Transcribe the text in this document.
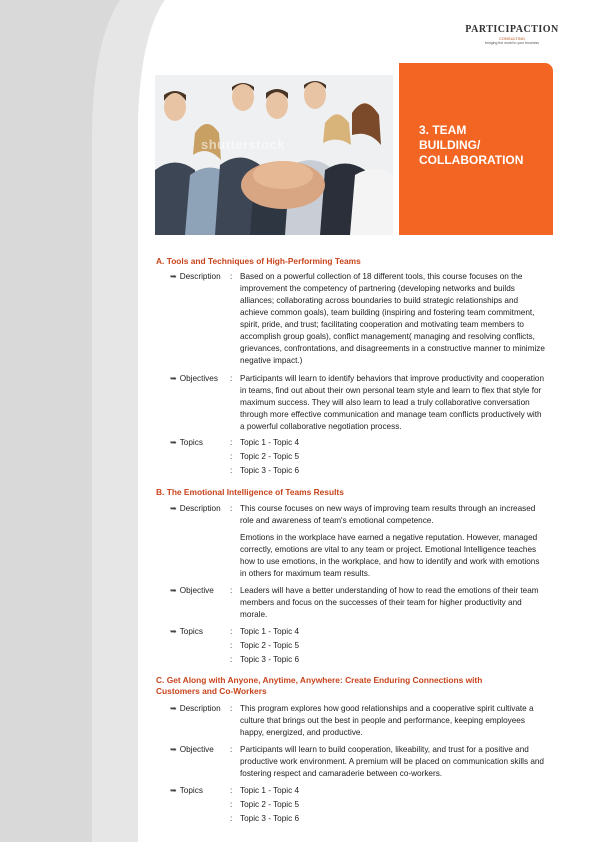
PARTICIPACTION
CONSULTING
bringing the world to your business
shutterstock
3. TEAM
BUILDING/
COLLABORATION
A. Tools and Techniques of High-Performing Teams
➥ Description	: Based on a powerful collection of 18 different tools, this course focuses on the improvement the competency of partnering (developing networks and builds alliances; collaborating across boundaries to build strategic relationships and achieve common goals), team building (inspiring and fostering team commitment, spirit, pride, and trust; facilitating cooperation and motivating team members to accomplish group goals), conflict management( managing and resolving conflicts, grievances, confrontations, and disagreements in a constructive manner to minimize negative impact.)
➥ Objectives	: Participants will learn to identify behaviors that improve productivity and cooperation in teams, find out about their own personal team style and learn to flex that style for maximum success. They will also learn to lead a truly collaborative conversation through more effective communication and manage team conflicts productively with a powerful collaborative negotiation process.
➥ Topics	: Topic 1 - Topic 4
: Topic 2 - Topic 5
: Topic 3 - Topic 6
B. The Emotional Intelligence of Teams Results
➥ Description	: This course focuses on new ways of improving team results through an increased role and awareness of team's emotional competence.
Emotions in the workplace have earned a negative reputation. However, managed correctly, emotions are vital to any team or project. Emotional Intelligence teaches how to use emotions, in the workplace, and how to identify and work with emotions in others for maximum team results.
➥ Objective	: Leaders will have a better understanding of how to read the emotions of their team members and focus on the successes of their team for higher productivity and morale.
➥ Topics	: Topic 1 - Topic 4
: Topic 2 - Topic 5
: Topic 3 - Topic 6
C. Get Along with Anyone, Anytime, Anywhere: Create Enduring Connections with
Customers and Co-Workers
➥ Description	: This program explores how good relationships and a cooperative spirit cultivate a culture that brings out the best in people and performance, keeping employees happy, energized, and productive.
➥ Objective	: Participants will learn to build cooperation, likeability, and trust for a positive and productive work environment. A premium will be placed on communication skills and fostering respect and camaraderie between co-workers.
➥ Topics	: Topic 1 - Topic 4
: Topic 2 - Topic 5
: Topic 3 - Topic 6
